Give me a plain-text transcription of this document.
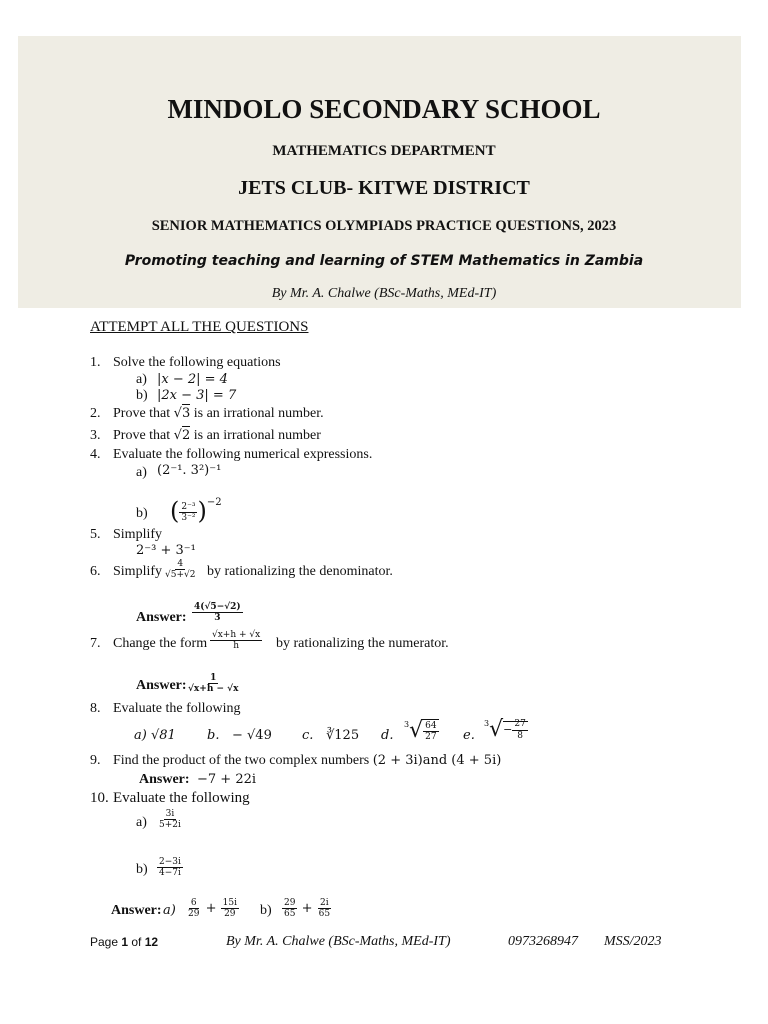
MINDOLO SECONDARY SCHOOL
MATHEMATICS DEPARTMENT
JETS CLUB- KITWE DISTRICT
SENIOR MATHEMATICS OLYMPIADS PRACTICE QUESTIONS, 2023
Promoting teaching and learning of STEM Mathematics in Zambia
By Mr. A. Chalwe (BSc-Maths, MEd-IT)
ATTEMPT ALL THE QUESTIONS
1. Solve the following equations
a) |x − 2| = 4
b) |2x − 3| = 7
2. Prove that √3 is an irrational number.
3. Prove that √2 is an irrational number
4. Evaluate the following numerical expressions.
a) (2⁻¹. 3²)⁻¹
b) ( $\frac{\text{2⁻³}}{\text{3⁻²}} )^{-2}$
5. Simplify
2⁻³ + 3⁻¹
6. Simplify $\frac{4}{√5+√2}$ by rationalizing the denominator.
Answer: $\frac{4(√5-√2)}{3}$
7. Change the form $\frac{√x+h + √x}{h}$ by rationalizing the numerator.
Answer: $\frac{1}{√x+h - √x}$
8. Evaluate the following
a) √81 b. − √49 c. ∛125 d.
$^3√ \frac{64}{27} e$.
$^3√- \frac{27}{8}$
9. Find the product of the two complex numbers (2 + 3i)and (4 + 5i)
Answer: −7 + 22i
10. Evaluate the following
$a) \frac{3i}{5+2i}$
$b) \frac{2-3i}{4-7i}$
Answer: $a) \frac{6}{29} + \frac{15i}{29} b) \frac{29}{65} + \frac{2i}{65}$
Page 1 of 12	By Mr. A. Chalwe (BSc-Maths, MEd-IT)	0973268947 MSS/2023
